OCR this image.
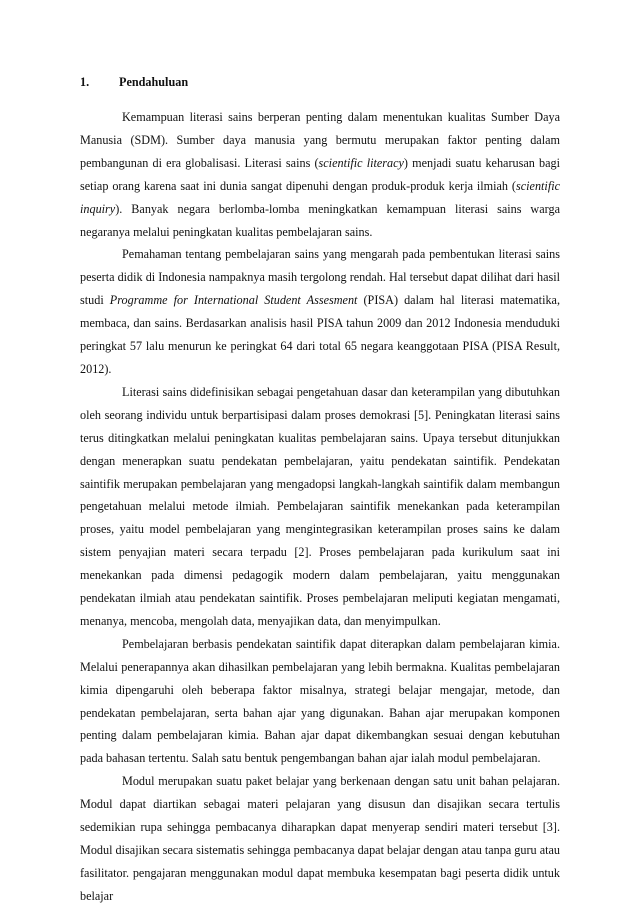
1. Pendahuluan

Kemampuan literasi sains berperan penting dalam menentukan kualitas Sumber Daya Manusia (SDM). Sumber daya manusia yang bermutu merupakan faktor penting dalam pembangunan di era globalisasi. Literasi sains (scientific literacy) menjadi suatu keharusan bagi setiap orang karena saat ini dunia sangat dipenuhi dengan produk-produk kerja ilmiah (scientific inquiry). Banyak negara berlomba-lomba meningkatkan kemampuan literasi sains warga negaranya melalui peningkatan kualitas pembelajaran sains.

Pemahaman tentang pembelajaran sains yang mengarah pada pembentukan literasi sains peserta didik di Indonesia nampaknya masih tergolong rendah. Hal tersebut dapat dilihat dari hasil studi Programme for International Student Assesment (PISA) dalam hal literasi matematika, membaca, dan sains. Berdasarkan analisis hasil PISA tahun 2009 dan 2012 Indonesia menduduki peringkat 57 lalu menurun ke peringkat 64 dari total 65 negara keanggotaan PISA (PISA Result, 2012).

Literasi sains didefinisikan sebagai pengetahuan dasar dan keterampilan yang dibutuhkan oleh seorang individu untuk berpartisipasi dalam proses demokrasi [5]. Peningkatan literasi sains terus ditingkatkan melalui peningkatan kualitas pembelajaran sains. Upaya tersebut ditunjukkan dengan menerapkan suatu pendekatan pembelajaran, yaitu pendekatan saintifik. Pendekatan saintifik merupakan pembelajaran yang mengadopsi langkah-langkah saintifik dalam membangun pengetahuan melalui metode ilmiah. Pembelajaran saintifik menekankan pada keterampilan proses, yaitu model pembelajaran yang mengintegrasikan keterampilan proses sains ke dalam sistem penyajian materi secara terpadu [2]. Proses pembelajaran pada kurikulum saat ini menekankan pada dimensi pedagogik modern dalam pembelajaran, yaitu menggunakan pendekatan ilmiah atau pendekatan saintifik. Proses pembelajaran meliputi kegiatan mengamati, menanya, mencoba, mengolah data, menyajikan data, dan menyimpulkan.

Pembelajaran berbasis pendekatan saintifik dapat diterapkan dalam pembelajaran kimia. Melalui penerapannya akan dihasilkan pembelajaran yang lebih bermakna. Kualitas pembelajaran kimia dipengaruhi oleh beberapa faktor misalnya, strategi belajar mengajar, metode, dan pendekatan pembelajaran, serta bahan ajar yang digunakan. Bahan ajar merupakan komponen penting dalam pembelajaran kimia. Bahan ajar dapat dikembangkan sesuai dengan kebutuhan pada bahasan tertentu. Salah satu bentuk pengembangan bahan ajar ialah modul pembelajaran.

Modul merupakan suatu paket belajar yang berkenaan dengan satu unit bahan pelajaran. Modul dapat diartikan sebagai materi pelajaran yang disusun dan disajikan secara tertulis sedemikian rupa sehingga pembacanya diharapkan dapat menyerap sendiri materi tersebut [3]. Modul disajikan secara sistematis sehingga pembacanya dapat belajar dengan atau tanpa guru atau fasilitator. pengajaran menggunakan modul dapat membuka kesempatan bagi peserta didik untuk belajar
